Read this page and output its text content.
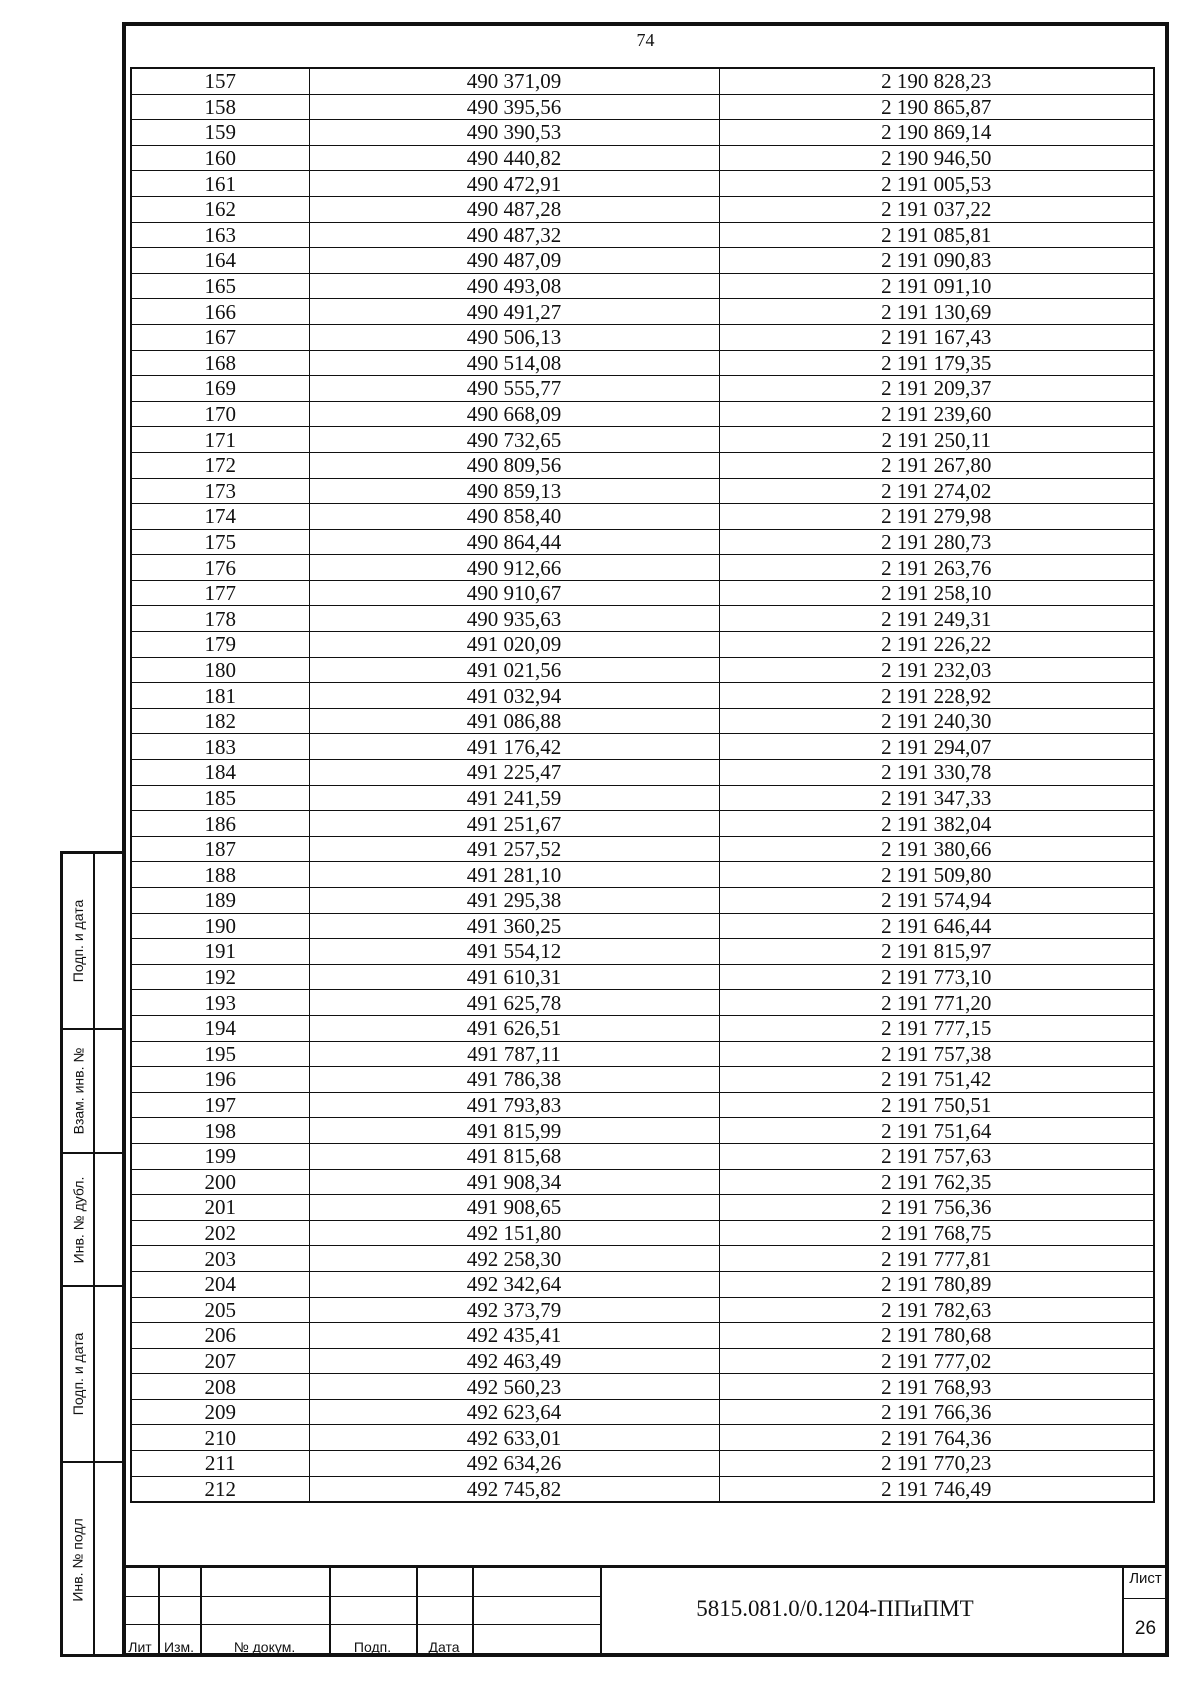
74
157	490 371,09	2 190 828,23
158	490 395,56	2 190 865,87
159	490 390,53	2 190 869,14
160	490 440,82	2 190 946,50
161	490 472,91	2 191 005,53
162	490 487,28	2 191 037,22
163	490 487,32	2 191 085,81
164	490 487,09	2 191 090,83
165	490 493,08	2 191 091,10
166	490 491,27	2 191 130,69
167	490 506,13	2 191 167,43
168	490 514,08	2 191 179,35
169	490 555,77	2 191 209,37
170	490 668,09	2 191 239,60
171	490 732,65	2 191 250,11
172	490 809,56	2 191 267,80
173	490 859,13	2 191 274,02
174	490 858,40	2 191 279,98
175	490 864,44	2 191 280,73
176	490 912,66	2 191 263,76
177	490 910,67	2 191 258,10
178	490 935,63	2 191 249,31
179	491 020,09	2 191 226,22
180	491 021,56	2 191 232,03
181	491 032,94	2 191 228,92
182	491 086,88	2 191 240,30
183	491 176,42	2 191 294,07
184	491 225,47	2 191 330,78
185	491 241,59	2 191 347,33
186	491 251,67	2 191 382,04
187	491 257,52	2 191 380,66
188	491 281,10	2 191 509,80
189	491 295,38	2 191 574,94
190	491 360,25	2 191 646,44
191	491 554,12	2 191 815,97
192	491 610,31	2 191 773,10
193	491 625,78	2 191 771,20
194	491 626,51	2 191 777,15
195	491 787,11	2 191 757,38
196	491 786,38	2 191 751,42
197	491 793,83	2 191 750,51
198	491 815,99	2 191 751,64
199	491 815,68	2 191 757,63
200	491 908,34	2 191 762,35
201	491 908,65	2 191 756,36
202	492 151,80	2 191 768,75
203	492 258,30	2 191 777,81
204	492 342,64	2 191 780,89
205	492 373,79	2 191 782,63
206	492 435,41	2 191 780,68
207	492 463,49	2 191 777,02
208	492 560,23	2 191 768,93
209	492 623,64	2 191 766,36
210	492 633,01	2 191 764,36
211	492 634,26	2 191 770,23
212	492 745,82	2 191 746,49
Подп. и дата
Взам. инв. №
Инв. № дубл.
Подп. и дата
Инв. № подл
Лит Изм.	№ докум.	Подп.	Дата
5815.081.0/0.1204-ППиПМТ
Лист
26
